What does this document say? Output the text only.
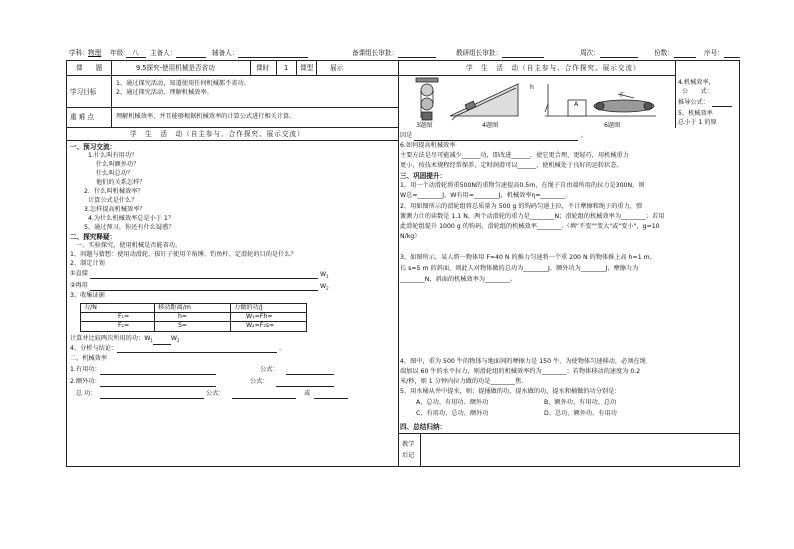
学科： 物理 年级： 八 主备人：	辅备人：	备课组长审批：	教研组长审批：	周次：	份数：	序号：
课　　题	9.5探究-使用机械是否省功	课时 1 课型	展示
学习目标
1、通过探究活动，知道使用任何机械都不省功。
2、通过探究活动，理解机械效率。
重 难 点	理解机械效率，并且能够根据机械效率的计算公式进行相关计算。
学　生　活　动（自主参与、合作探究、展示交流）
一、预习交流：
1.什么叫有用功？
什么叫额外功？
什么叫总功？
他们的关系怎样？
2．什么叫机械效率？
计算公式是什么？
3.怎样提高机械效率？
4.为什么机械效率总是小于 1？
5、通过预习，你还有什么疑惑？
二、探究释疑：
一、实验探究，使用机械是否能省功。
1、问题与猜想：使用动滑轮、拔钉子使用羊角锤、钓鱼杆、定滑轮的目的是什么？
2、制定计划
①直接	$W_1$
②再用	$W_2$
3、收集证据
力/N	移动距离/m	力做的功/J
F₁=	h=	W₁=Fh=
F₂=	S=	W₂=F₂s=
计算并比较两次所用的功：$W_1$	$W_2$
4、分析与结论：	。
二、机械效率
1.有用功：	公式：
2.额外功：	公式：
总 功：	公式：	或
学　生　活　动（自主参与、合作探究、展示交流）
h
A
F
3题图	4题图	6题图
4.机械效率，
公　　式：
推导公式：
5、机械效率
总小于 1 的原
因是	。
6.如何提高机械效率
主要方法是尽可能减少______功，即改进______，使它更合理、更轻巧，用机械重力
更小，按技术规程经常保养，定时润滑可以______，使机械处于良好的运转状态。
三、巩固提升：
1、用一个动滑轮将重500N的重物匀速提高0.5m，在绳子自由端所用的拉力是300N，则
W总=________J，W有用=________J，机械效率η=________。
2、用如图所示的滑轮组将总质量为 500 g 的钩码匀速上拉，不计摩擦和绳子的重力，弹
簧测力计的读数是 1.1 N，两个动滑轮的重力是________N；滑轮组的机械效率为________；若用
此滑轮组提升 1000 g 的钩码，滑轮组的机械效率________.（填"不变""变大"或"变小"，g=10
N/kg）
3、如图所示，某人将一物体用 F=40 N 的推力匀速将一个重 200 N 的物体推上高 h=1 m、
长 s=5 m 的斜面，则此人对物体做的总功为________J，额外功为________J，摩擦力为
________N，斜面的机械效率为________。
4、图中，重为 500 牛的物体与地面间的摩擦力是 150 牛，为使物体匀速移动，必须在绳
端加以 60 牛的水平拉力，则滑轮组的机械效率约为________；若物体移动的速度为 0.2
米/秒，则 1 分钟内拉力做的功是________焦.
5、用水桶从井中提水，则：提捅做的功、提水做的功、提水和桶做的功分别是：
A、总功、有用功、额外功	B、额外功、有用功、总功
C、有用功、总功、额外功	D、总功、额外功、有用功
四、总结归纳：
教学
后记
